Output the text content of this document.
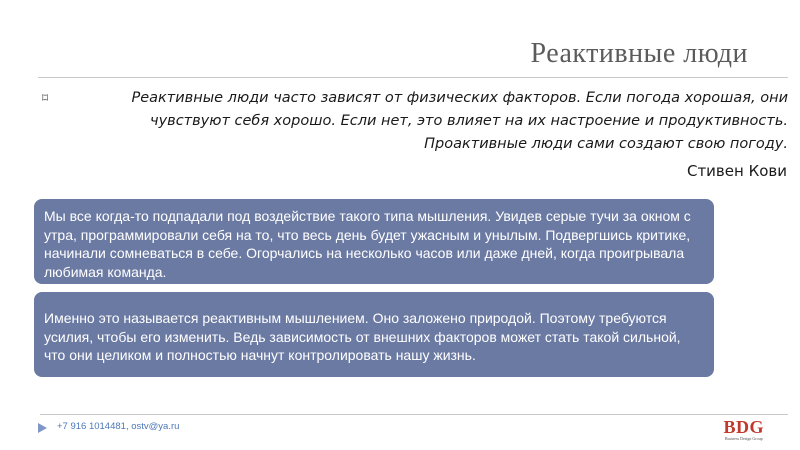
Реактивные люди
⌑	Реактивные люди часто зависят от физических факторов. Если погода хорошая, они
чувствуют себя хорошо. Если нет, это влияет на их настроение и продуктивность.
Проактивные люди сами создают свою погоду.
Стивен Кови
Мы все когда-то подпадали под воздействие такого типа мышления. Увидев серые тучи за окном с утра, программировали себя на то, что весь день будет ужасным и унылым. Подвергшись критике, начинали сомневаться в себе. Огорчались на несколько часов или даже дней, когда проигрывала любимая команда.
Именно это называется реактивным мышлением. Оно заложено природой. Поэтому требуются усилия, чтобы его изменить. Ведь зависимость от внешних факторов может стать такой сильной, что они целиком и полностью начнут контролировать нашу жизнь.
+7 916 1014481, ostv@ya.ru	BDG
Business Design Group
